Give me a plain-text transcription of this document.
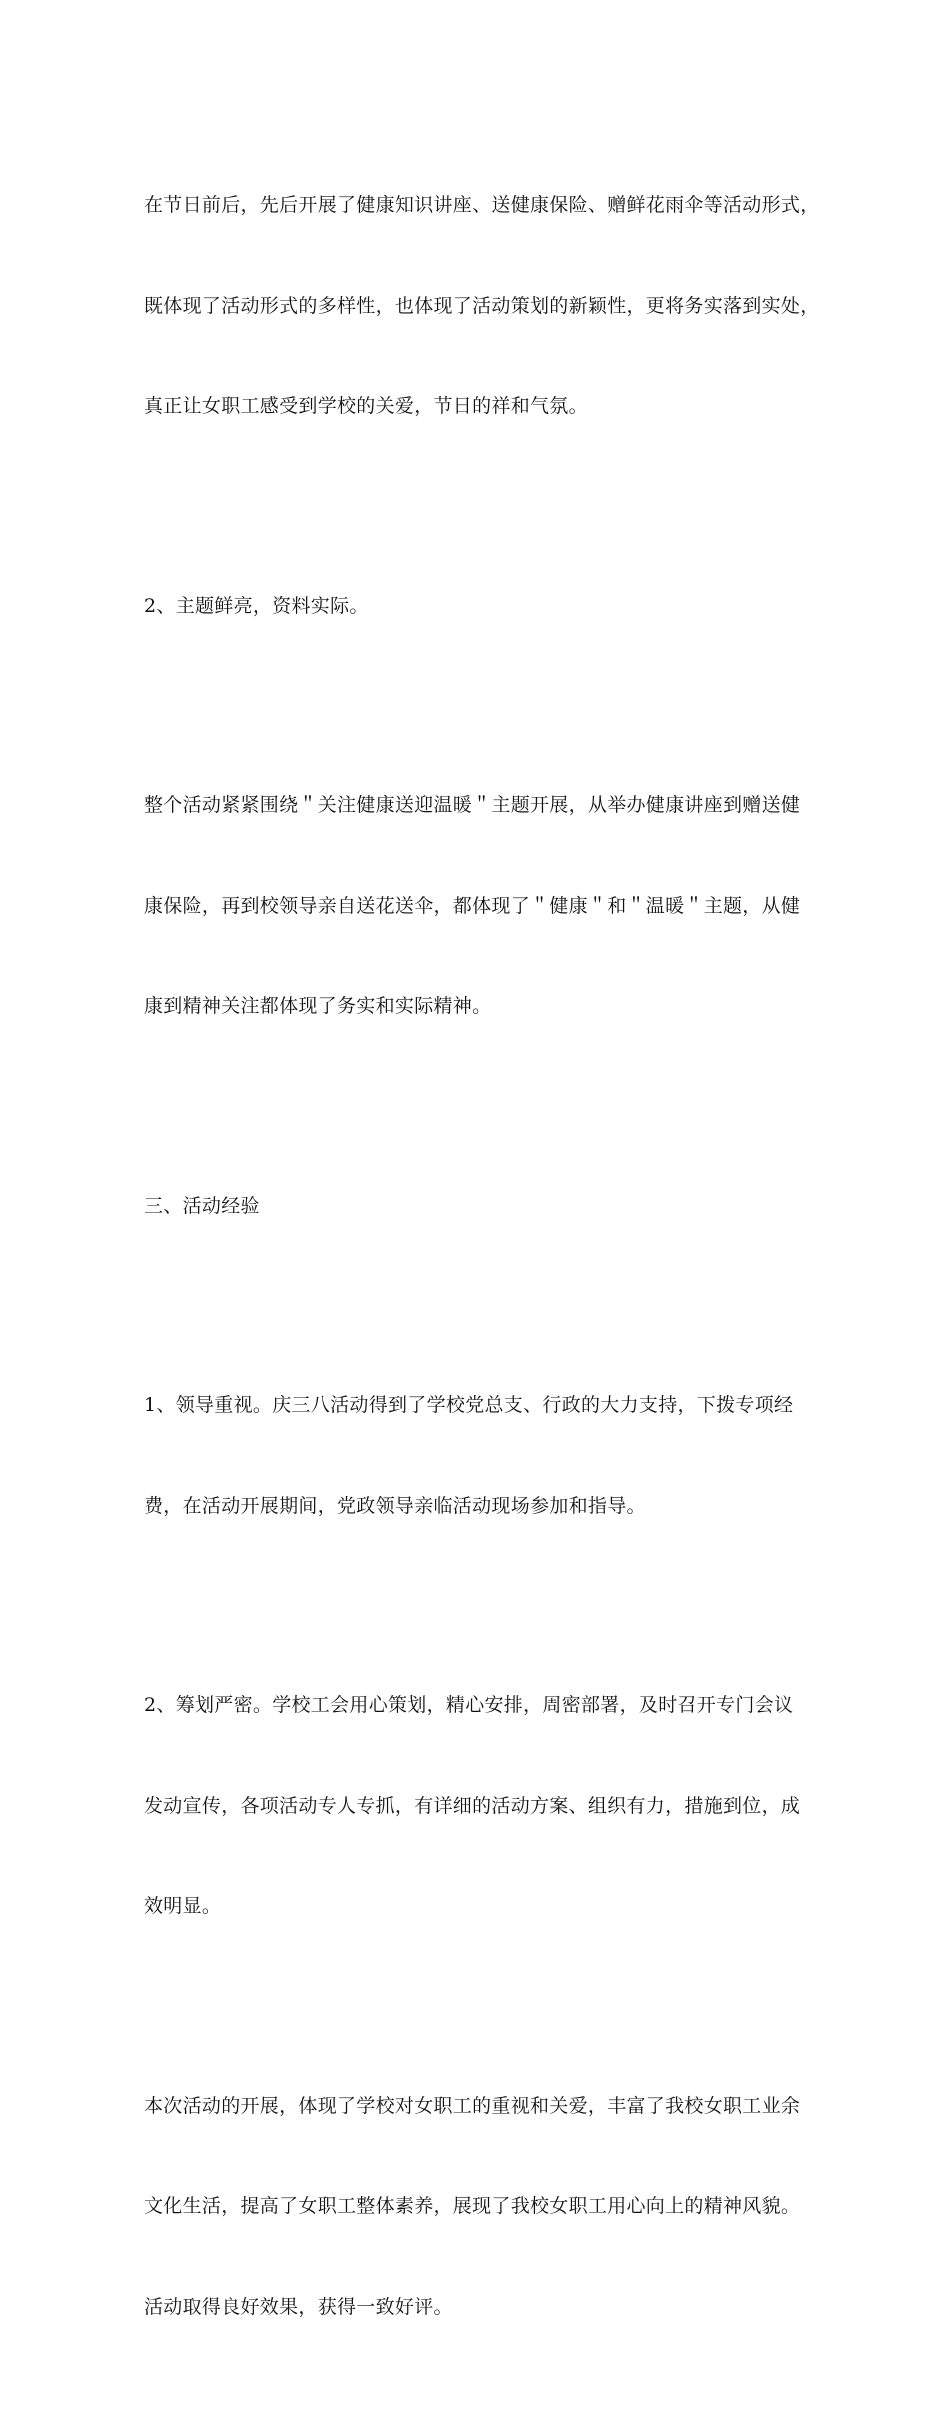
在节日前后，先后开展了健康知识讲座、送健康保险、赠鲜花雨伞等活动形式，

既体现了活动形式的多样性，也体现了活动策划的新颖性，更将务实落到实处，

真正让女职工感受到学校的关爱，节日的祥和气氛。

2、主题鲜亮，资料实际。

整个活动紧紧围绕＂关注健康送迎温暖＂主题开展，从举办健康讲座到赠送健

康保险，再到校领导亲自送花送伞，都体现了＂健康＂和＂温暖＂主题，从健

康到精神关注都体现了务实和实际精神。

三、活动经验

1、领导重视。庆三八活动得到了学校党总支、行政的大力支持，下拨专项经

费，在活动开展期间，党政领导亲临活动现场参加和指导。

2、筹划严密。学校工会用心策划，精心安排，周密部署，及时召开专门会议

发动宣传，各项活动专人专抓，有详细的活动方案、组织有力，措施到位，成

效明显。

本次活动的开展，体现了学校对女职工的重视和关爱，丰富了我校女职工业余

文化生活，提高了女职工整体素养，展现了我校女职工用心向上的精神风貌。

活动取得良好效果，获得一致好评。
